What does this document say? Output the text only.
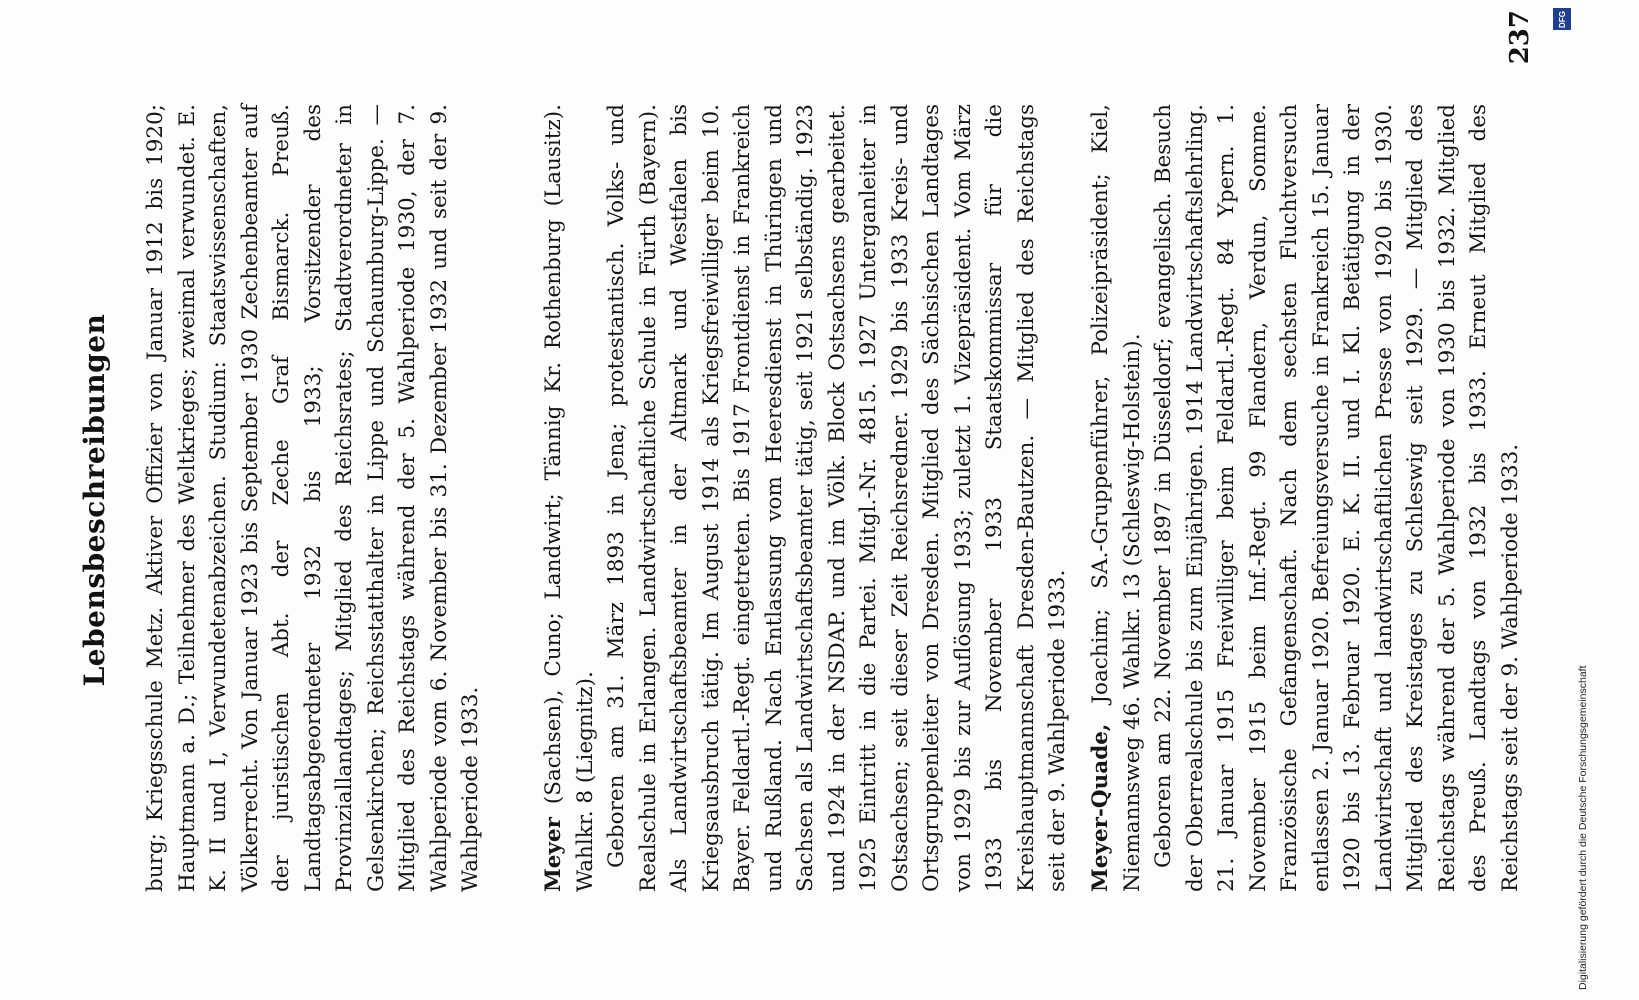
Lebensbeschreibungen burg; Kriegsschule Metz. Aktiver Offizier von Januar 1912 bis 1920; Hauptmann a. D.; Teilnehmer des Weltkrieges; zweimal verwundet. E. K. II und I, Verwundetenabzeichen. Studium: Staatswissenschaften, Völkerrecht. Von Januar 1923 bis September 1930 Zechenbeamter auf der juristischen Abt. der Zeche Graf Bismarck. Preuß. Landtagsabgeordneter 1932 bis 1933; Vorsitzender des Provinziallandtages; Mitglied des Reichsrates; Stadtverordneter in Gelsenkirchen; Reichsstatthalter in Lippe und Schaumburg-Lippe. — Mitglied des Reichstags während der 5. Wahlperiode 1930, der 7. Wahlperiode vom 6. November bis 31. Dezember 1932 und seit der 9. Wahlperiode 1933.	Meyer (Sachsen), Cuno; Landwirt; Tännig Kr. Rothenburg (Lausitz). Wahlkr. 8 (Liegnitz). Geboren am 31. März 1893 in Jena; protestantisch. Volks- und Realschule in Erlangen. Landwirtschaftliche Schule in Fürth (Bayern). Als Landwirtschaftsbeamter in der Altmark und Westfalen bis Kriegsausbruch tätig. Im August 1914 als Kriegsfreiwilliger beim 10. Bayer. Feldartl.-Regt. eingetreten. Bis 1917 Frontdienst in Frankreich und Rußland. Nach Entlassung vom Heeresdienst in Thüringen und Sachsen als Landwirtschaftsbeamter tätig, seit 1921 selbständig. 1923 und 1924 in der NSDAP. und im Völk. Block Ostsachsens gearbeitet. 1925 Eintritt in die Partei. Mitgl.-Nr. 4815. 1927 Unterganleiter in Ostsachsen; seit dieser Zeit Reichsredner. 1929 bis 1933 Kreis- und Ortsgruppenleiter von Dresden. Mitglied des Sächsischen Landtages von 1929 bis zur Auflösung 1933; zuletzt 1. Vizepräsident. Vom März 1933 bis November 1933 Staatskommissar für die Kreishauptmannschaft Dresden-Bautzen. — Mitglied des Reichstags seit der 9. Wahlperiode 1933. Meyer-Quade, Joachim; SA.-Gruppenführer, Polizeipräsident; Kiel, Niemannsweg 46. Wahlkr. 13 (Schleswig-Holstein). Geboren am 22. November 1897 in Düsseldorf; evangelisch. Besuch der Oberrealschule bis zum Einjährigen. 1914 Landwirtschaftslehrling. 21. Januar 1915 Freiwilliger beim Feldartl.-Regt. 84 Ypern. 1. November 1915 beim Inf.-Regt. 99 Flandern, Verdun, Somme. Französische Gefangenschaft. Nach dem sechsten Fluchtversuch entlassen 2. Januar 1920. Befreiungsversuche in Frankreich 15. Januar 1920 bis 13. Februar 1920. E. K. II. und I. Kl. Betätigung in der Landwirtschaft und landwirtschaftlichen Presse von 1920 bis 1930. Mitglied des Kreistages zu Schleswig seit 1929. — Mitglied des Reichstags während der 5. Wahlperiode von 1930 bis 1932. Mitglied des Preuß. Landtags von 1932 bis 1933. Erneut Mitglied des Reichstags seit der 9. Wahlperiode 1933.

237	DFG
Digitalisierung gefördert durch die Deutsche Forschungsgemeinschaft
